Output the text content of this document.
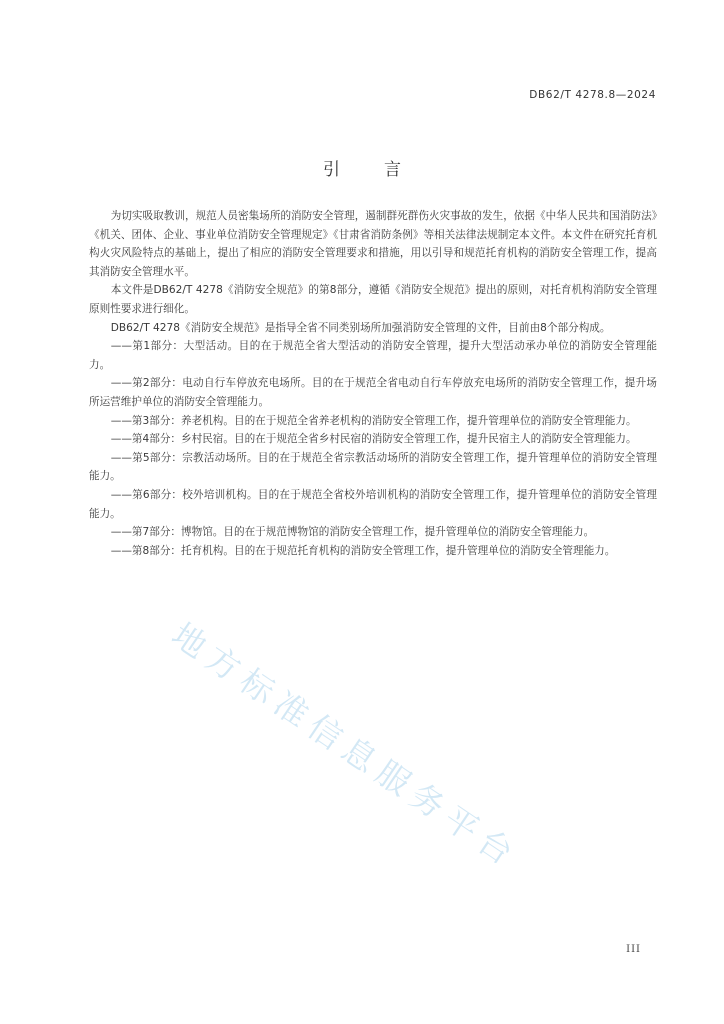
DB62/T 4278.8—2024
引言

为切实吸取教训，规范人员密集场所的消防安全管理，遏制群死群伤火灾事故的发生，依据《中华人民共和国消防法》《机关、团体、企业、事业单位消防安全管理规定》《甘肃省消防条例》等相关法律法规制定本文件。本文件在研究托育机构火灾风险特点的基础上，提出了相应的消防安全管理要求和措施，用以引导和规范托育机构的消防安全管理工作，提高其消防安全管理水平。

本文件是DB62/T 4278《消防安全规范》的第8部分，遵循《消防安全规范》提出的原则，对托育机构消防安全管理原则性要求进行细化。

DB62/T 4278《消防安全规范》是指导全省不同类别场所加强消防安全管理的文件，目前由8个部分构成。

——第1部分：大型活动。目的在于规范全省大型活动的消防安全管理，提升大型活动承办单位的消防安全管理能力。

——第2部分：电动自行车停放充电场所。目的在于规范全省电动自行车停放充电场所的消防安全管理工作，提升场所运营维护单位的消防安全管理能力。

——第3部分：养老机构。目的在于规范全省养老机构的消防安全管理工作，提升管理单位的消防安全管理能力。

——第4部分：乡村民宿。目的在于规范全省乡村民宿的消防安全管理工作，提升民宿主人的消防安全管理能力。

——第5部分：宗教活动场所。目的在于规范全省宗教活动场所的消防安全管理工作，提升管理单位的消防安全管理能力。

——第6部分：校外培训机构。目的在于规范全省校外培训机构的消防安全管理工作，提升管理单位的消防安全管理能力。

——第7部分：博物馆。目的在于规范博物馆的消防安全管理工作，提升管理单位的消防安全管理能力。

——第8部分：托育机构。目的在于规范托育机构的消防安全管理工作，提升管理单位的消防安全管理能力。

地方标准信息服务平台
III
